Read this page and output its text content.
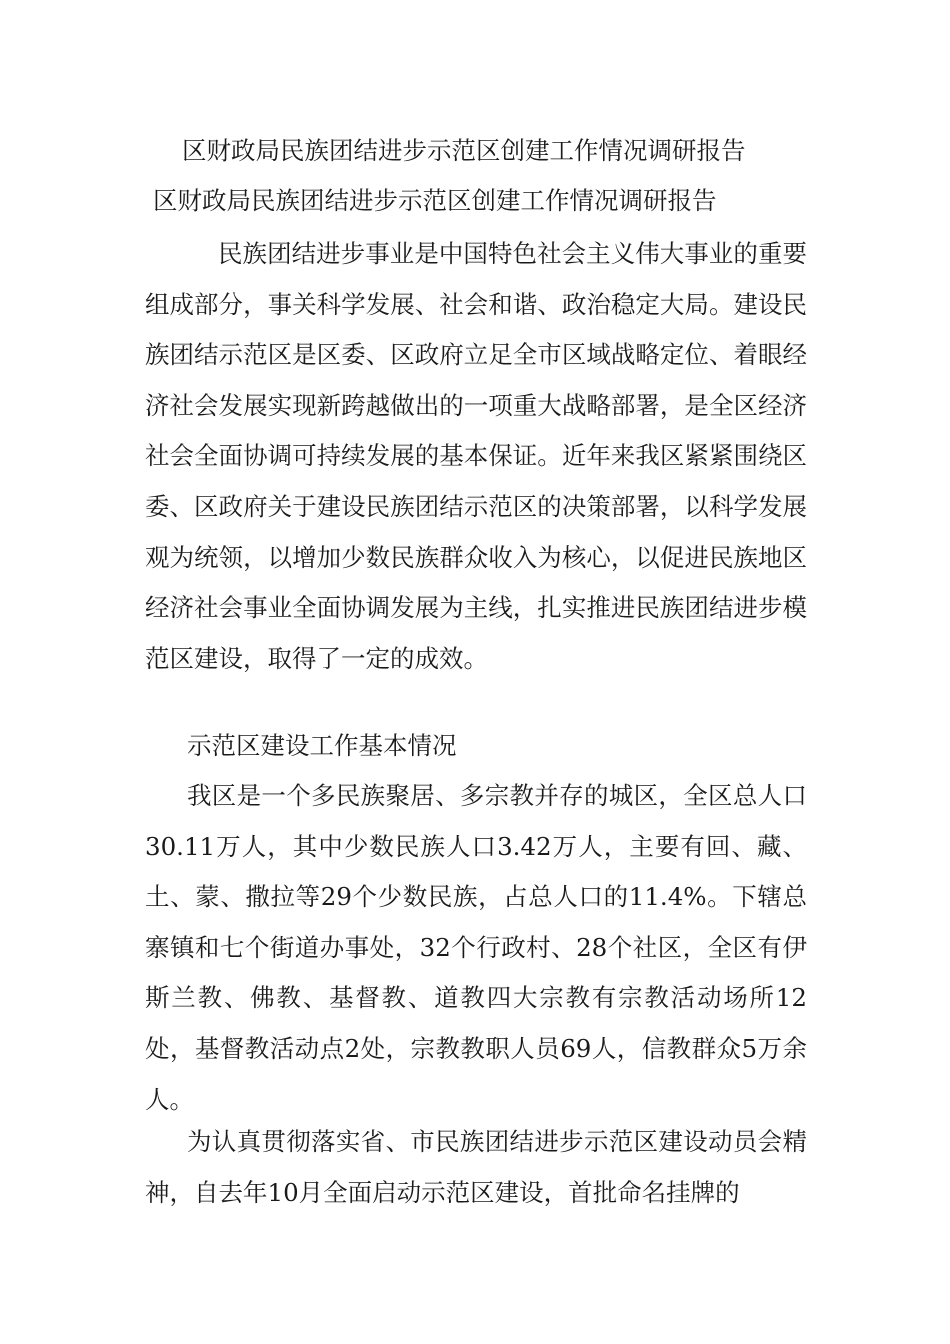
区财政局民族团结进步示范区创建工作情况调研报告
区财政局民族团结进步示范区创建工作情况调研报告

民族团结进步事业是中国特色社会主义伟大事业的重要组成部分，事关科学发展、社会和谐、政治稳定大局。建设民族团结示范区是区委、区政府立足全市区域战略定位、着眼经济社会发展实现新跨越做出的一项重大战略部署，是全区经济社会全面协调可持续发展的基本保证。近年来我区紧紧围绕区委、区政府关于建设民族团结示范区的决策部署，以科学发展观为统领，以增加少数民族群众收入为核心，以促进民族地区经济社会事业全面协调发展为主线，扎实推进民族团结进步模范区建设，取得了一定的成效。

示范区建设工作基本情况

我区是一个多民族聚居、多宗教并存的城区，全区总人口30.11万人，其中少数民族人口3.42万人，主要有回、藏、土、蒙、撒拉等29个少数民族，占总人口的11.4%。下辖总寨镇和七个街道办事处，32个行政村、28个社区，全区有伊斯兰教、佛教、基督教、道教四大宗教有宗教活动场所12处，基督教活动点2处，宗教教职人员69人，信教群众5万余人。

为认真贯彻落实省、市民族团结进步示范区建设动员会精神，自去年10月全面启动示范区建设，首批命名挂牌的
